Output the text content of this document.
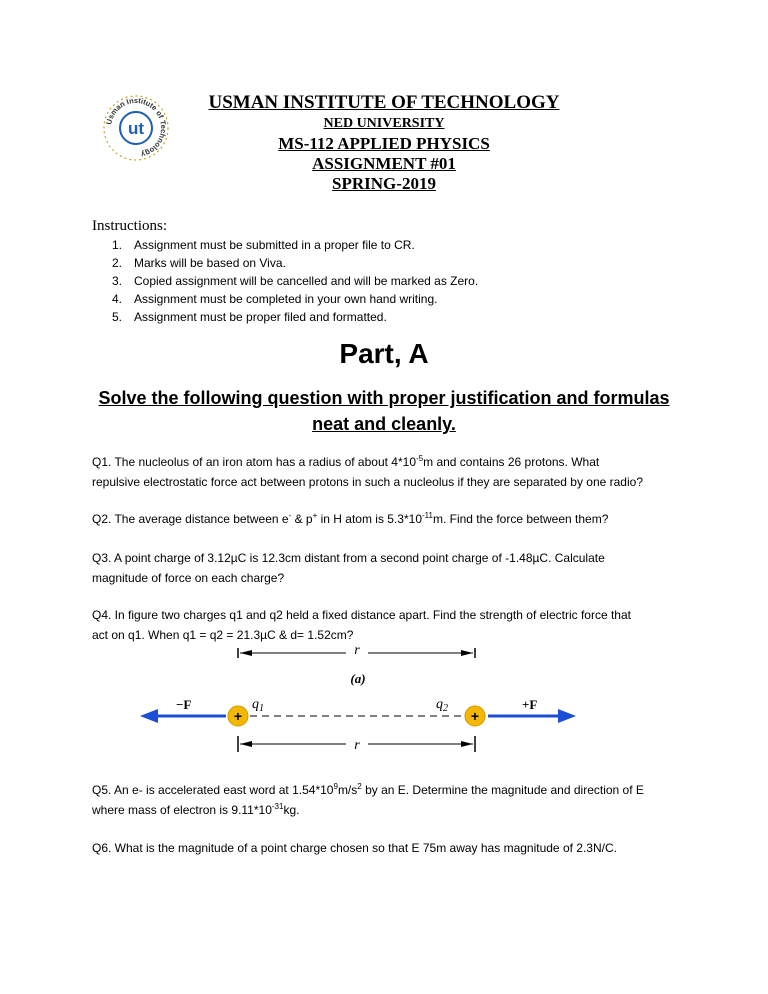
Usman Institute of Technology
ut
USMAN INSTITUTE OF TECHNOLOGY
NED UNIVERSITY
MS-112 APPLIED PHYSICS
ASSIGNMENT #01
SPRING-2019
Instructions:
1. Assignment must be submitted in a proper file to CR.
2. Marks will be based on Viva.
3. Copied assignment will be cancelled and will be marked as Zero.
4. Assignment must be completed in your own hand writing.
5. Assignment must be proper filed and formatted.
Part, A
Solve the following question with proper justification and formulas
neat and cleanly.
Q1. The nucleolus of an iron atom has a radius of about $4*10^{-5}m$ and contains 26 protons. What
repulsive electrostatic force act between protons in such a nucleolus if they are separated by one radio?
Q2. The average distance between e- & p+ in H atom is $5.3*10^{-11}m$. Find the force between them?
Q3. A point charge of 3.12µC is 12.3cm distant from a second point charge of -1.48µC. Calculate
magnitude of force on each charge?
Q4. In figure two charges q1 and q2 held a fixed distance apart. Find the strength of electric force that
act on q1. When q1 = q2 = 21.3µC & d= 1.52cm?
r
(a)
−F
+
$q_1$	+
$q_2$	+F
r
Q5. An e- is accelerated east word at $1.54*10^9m/s^2$ by an E. Determine the magnitude and direction of E
where mass of electron is $9.11*10^{-31}kg$.
Q6. What is the magnitude of a point charge chosen so that E 75m away has magnitude of 2.3N/C.
